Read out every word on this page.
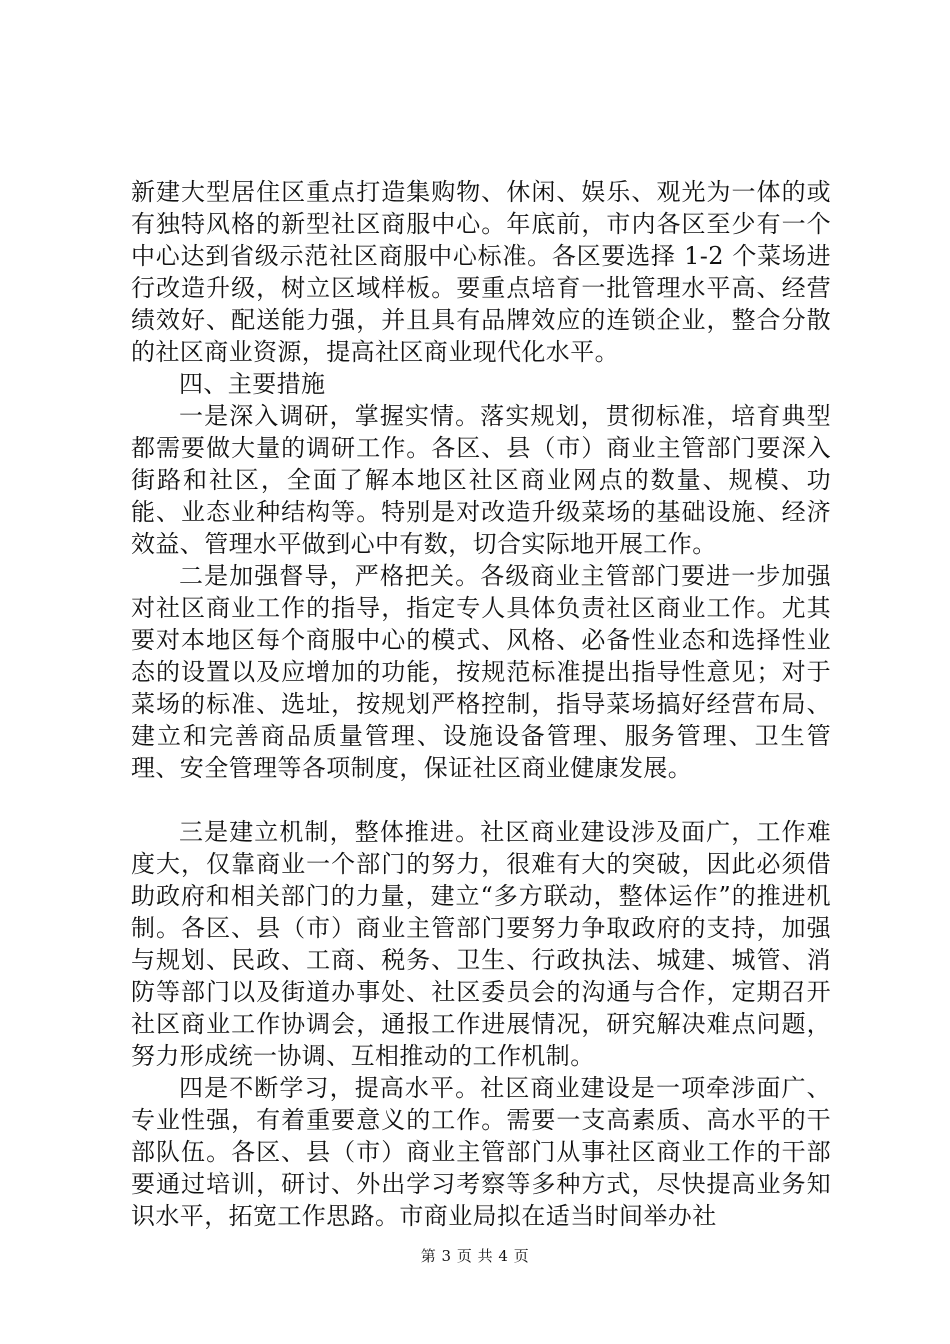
新建大型居住区重点打造集购物、休闲、娱乐、观光为一体的或有独特风格的新型社区商服中心。年底前，市内各区至少有一个中心达到省级示范社区商服中心标准。各区要选择 1-2 个菜场进行改造升级，树立区域样板。要重点培育一批管理水平高、经营绩效好、配送能力强，并且具有品牌效应的连锁企业，整合分散的社区商业资源，提高社区商业现代化水平。

四、主要措施

一是深入调研，掌握实情。落实规划，贯彻标准，培育典型都需要做大量的调研工作。各区、县（市）商业主管部门要深入街路和社区，全面了解本地区社区商业网点的数量、规模、功能、业态业种结构等。特别是对改造升级菜场的基础设施、经济效益、管理水平做到心中有数，切合实际地开展工作。

二是加强督导，严格把关。各级商业主管部门要进一步加强对社区商业工作的指导，指定专人具体负责社区商业工作。尤其要对本地区每个商服中心的模式、风格、必备性业态和选择性业态的设置以及应增加的功能，按规范标准提出指导性意见；对于菜场的标准、选址，按规划严格控制，指导菜场搞好经营布局、建立和完善商品质量管理、设施设备管理、服务管理、卫生管理、安全管理等各项制度，保证社区商业健康发展。

三是建立机制，整体推进。社区商业建设涉及面广，工作难度大，仅靠商业一个部门的努力，很难有大的突破，因此必须借助政府和相关部门的力量，建立“多方联动，整体运作”的推进机制。各区、县（市）商业主管部门要努力争取政府的支持，加强与规划、民政、工商、税务、卫生、行政执法、城建、城管、消防等部门以及街道办事处、社区委员会的沟通与合作，定期召开社区商业工作协调会，通报工作进展情况，研究解决难点问题，努力形成统一协调、互相推动的工作机制。

四是不断学习，提高水平。社区商业建设是一项牵涉面广、专业性强，有着重要意义的工作。需要一支高素质、高水平的干部队伍。各区、县（市）商业主管部门从事社区商业工作的干部要通过培训，研讨、外出学习考察等多种方式，尽快提高业务知识水平，拓宽工作思路。市商业局拟在适当时间举办社

第 3 页 共 4 页
